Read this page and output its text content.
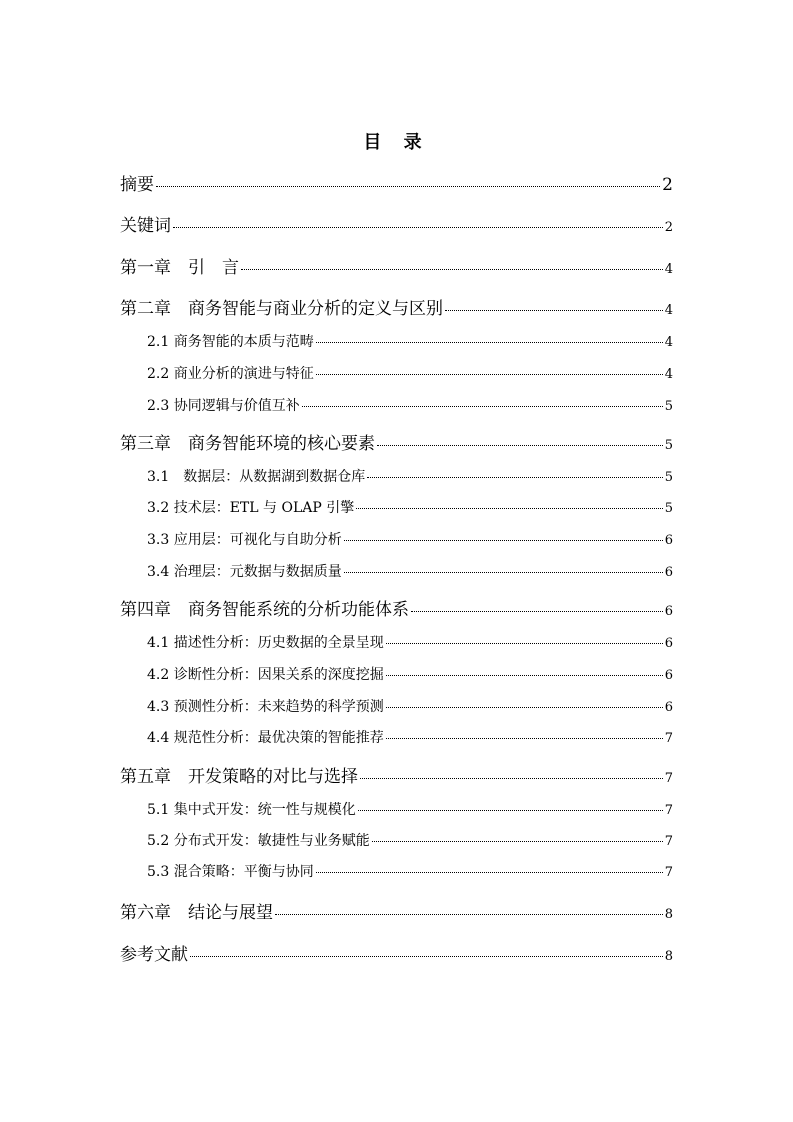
目 录
摘要	2
关键词	2
第一章　引　言	4
第二章　商务智能与商业分析的定义与区别	4
2.1 商务智能的本质与范畴	4
2.2 商业分析的演进与特征	4
2.3 协同逻辑与价值互补	5
第三章　商务智能环境的核心要素	5
3.1　数据层：从数据湖到数据仓库	5
3.2 技术层：ETL 与 OLAP 引擎	5
3.3 应用层：可视化与自助分析	6
3.4 治理层：元数据与数据质量	6
第四章　商务智能系统的分析功能体系	6
4.1 描述性分析：历史数据的全景呈现	6
4.2 诊断性分析：因果关系的深度挖掘	6
4.3 预测性分析：未来趋势的科学预测	6
4.4 规范性分析：最优决策的智能推荐	7
第五章　开发策略的对比与选择	7
5.1 集中式开发：统一性与规模化	7
5.2 分布式开发：敏捷性与业务赋能	7
5.3 混合策略：平衡与协同	7
第六章　结论与展望	8
参考文献	8
